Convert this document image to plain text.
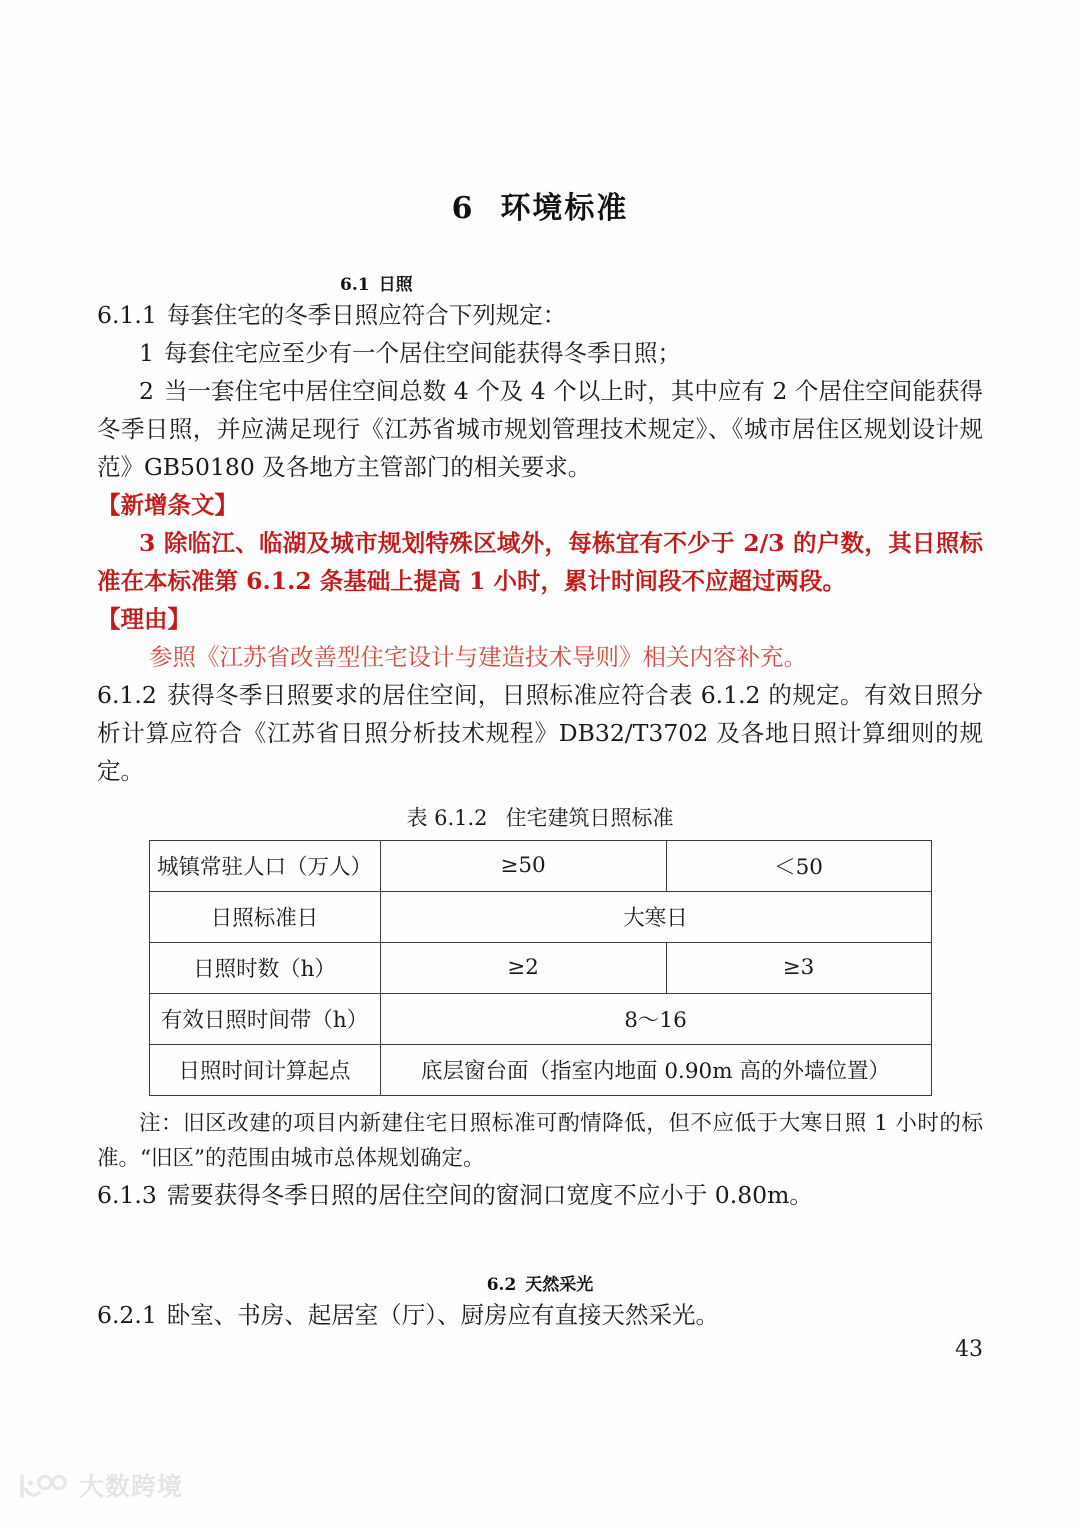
6 环境标准
6.1 日照

6.1.1 每套住宅的冬季日照应符合下列规定：

1 每套住宅应至少有一个居住空间能获得冬季日照；

2 当一套住宅中居住空间总数 4 个及 4 个以上时，其中应有 2 个居住空间能获得冬季日照，并应满足现行《江苏省城市规划管理技术规定》、《城市居住区规划设计规范》GB50180 及各地方主管部门的相关要求。

【新增条文】

3 除临江、临湖及城市规划特殊区域外，每栋宜有不少于 2/3 的户数，其日照标准在本标准第 6.1.2 条基础上提高 1 小时，累计时间段不应超过两段。

【理由】

参照《江苏省改善型住宅设计与建造技术导则》相关内容补充。

6.1.2 获得冬季日照要求的居住空间，日照标准应符合表 6.1.2 的规定。有效日照分析计算应符合《江苏省日照分析技术规程》DB32/T3702 及各地日照计算细则的规定。

表 6.1.2 住宅建筑日照标准

城镇常驻人口（万人）	≥50	＜50
日照标准日	大寒日	
日照时数（h）	≥2	≥3
有效日照时间带（h）	8～16	
日照时间计算起点	底层窗台面（指室内地面 0.90m 高的外墙位置）	

注：旧区改建的项目内新建住宅日照标准可酌情降低，但不应低于大寒日照 1 小时的标准。“旧区”的范围由城市总体规划确定。

6.1.3 需要获得冬季日照的居住空间的窗洞口宽度不应小于 0.80m。

6.2 天然采光

6.2.1 卧室、书房、起居室（厅）、厨房应有直接天然采光。

43
大数跨境
